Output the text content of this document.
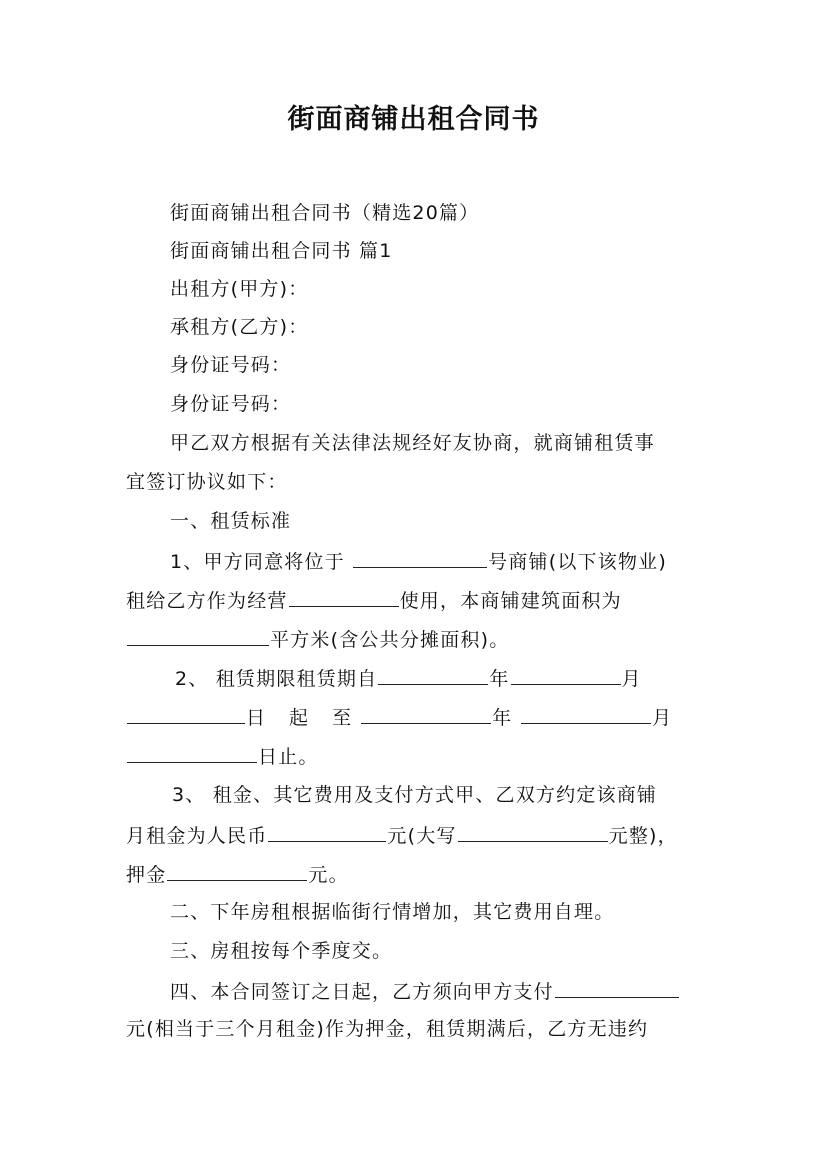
街面商铺出租合同书
街面商铺出租合同书（精选20篇）
街面商铺出租合同书 篇1
出租方(甲方)：
承租方(乙方)：
身份证号码：
身份证号码：
甲乙双方根据有关法律法规经好友协商，就商铺租赁事
宜签订协议如下：
一、租赁标准
1、甲方同意将位于	号商铺(以下该物业)
租给乙方作为经营	使用，本商铺建筑面积为
平方米(含公共分摊面积)。
2、 租赁期限租赁期自	年	月
日 起 至	年	月
日止。
3、 租金、其它费用及支付方式甲、乙双方约定该商铺
月租金为人民币	元(大写	元整)，
押金	元。
二、下年房租根据临街行情增加，其它费用自理。
三、房租按每个季度交。
四、本合同签订之日起，乙方须向甲方支付
元(相当于三个月租金)作为押金，租赁期满后，乙方无违约
